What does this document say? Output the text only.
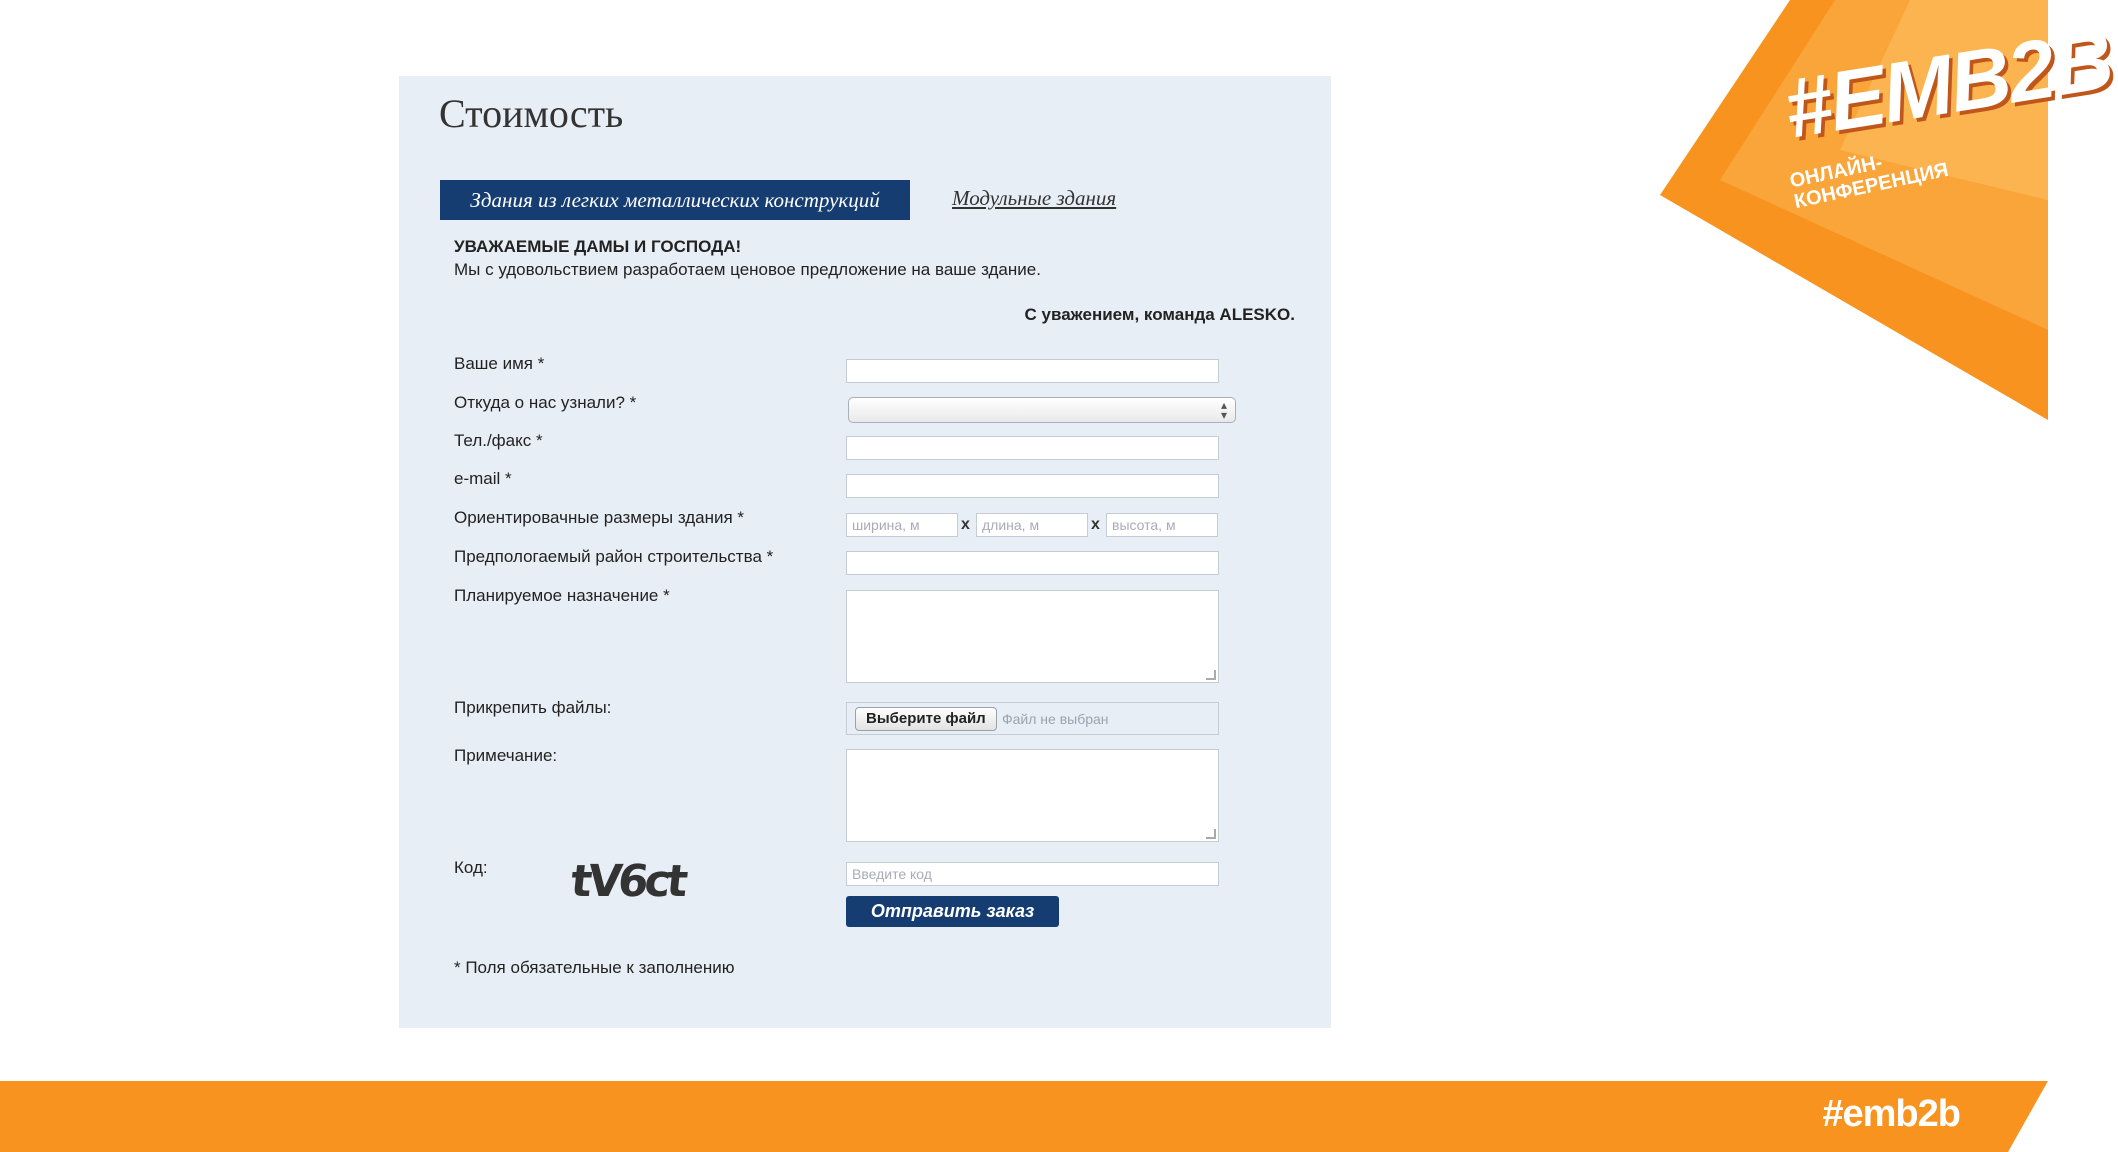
#EMB2B
ОНЛАЙН-КОНФЕРЕНЦИЯ
Стоимость
Здания из легких металлических конструкций	Модульные здания
УВАЖАЕМЫЕ ДАМЫ И ГОСПОДА!
Мы с удовольствием разработаем ценовое предложение на ваше здание.
С уважением, команда ALESKO.
Ваше имя *
Откуда о нас узнали? *	▴
▾
Тел./факс *
e-mail *
Ориентировачные размеры здания *	ширина, м	x длина, м	x высота, м
Предпологаемый район строительства *
Планируемое назначение *
Прикрепить файлы:
Выберите файл	Файл не выбран
Примечание:
Код: tV6ct	Введите код
Отправить заказ
* Поля обязательные к заполнению
#emb2b
